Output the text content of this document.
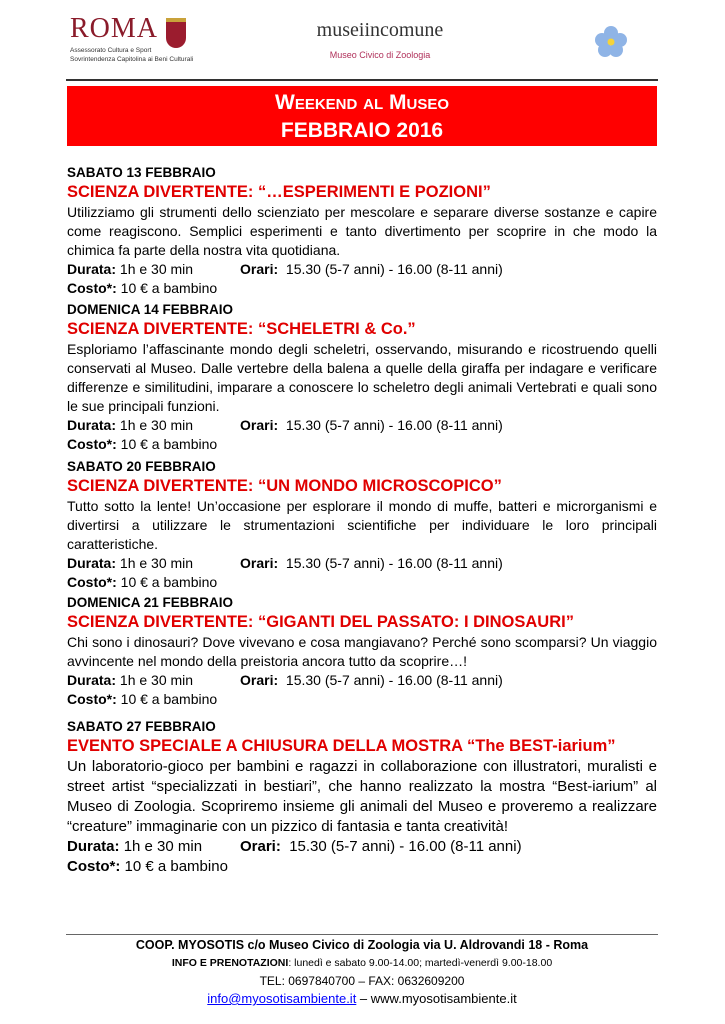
ROMA
Assessorato Cultura e Sport
Sovrintendenza Capitolina ai Beni Culturali
museiincomune
Museo Civico di Zoologia
Weekend al Museo
FEBBRAIO 2016
SABATO 13 FEBBRAIO
SCIENZA DIVERTENTE: “…ESPERIMENTI E POZIONI”
Utilizziamo gli strumenti dello scienziato per mescolare e separare diverse sostanze e capire come reagiscono. Semplici esperimenti e tanto divertimento per scoprire in che modo la chimica fa parte della nostra vita quotidiana.
Durata: 1h e 30 min	Orari: 15.30 (5-7 anni) - 16.00 (8-11 anni)
Costo*: 10 € a bambino
DOMENICA 14 FEBBRAIO
SCIENZA DIVERTENTE: “SCHELETRI & Co.”
Esploriamo l’affascinante mondo degli scheletri, osservando, misurando e ricostruendo quelli conservati al Museo. Dalle vertebre della balena a quelle della giraffa per indagare e verificare differenze e similitudini, imparare a conoscere lo scheletro degli animali Vertebrati e quali sono le sue principali funzioni.
Durata: 1h e 30 min	Orari: 15.30 (5-7 anni) - 16.00 (8-11 anni)
Costo*: 10 € a bambino
SABATO 20 FEBBRAIO
SCIENZA DIVERTENTE: “UN MONDO MICROSCOPICO”
Tutto sotto la lente! Un’occasione per esplorare il mondo di muffe, batteri e microrganismi e divertirsi a utilizzare le strumentazioni scientifiche per individuare le loro principali caratteristiche.
Durata: 1h e 30 min	Orari: 15.30 (5-7 anni) - 16.00 (8-11 anni)
Costo*: 10 € a bambino
DOMENICA 21 FEBBRAIO
SCIENZA DIVERTENTE: “GIGANTI DEL PASSATO: I DINOSAURI”
Chi sono i dinosauri? Dove vivevano e cosa mangiavano? Perché sono scomparsi? Un viaggio avvincente nel mondo della preistoria ancora tutto da scoprire…!
Durata: 1h e 30 min	Orari: 15.30 (5-7 anni) - 16.00 (8-11 anni)
Costo*: 10 € a bambino
SABATO 27 FEBBRAIO
EVENTO SPECIALE A CHIUSURA DELLA MOSTRA “The BEST-iarium”
Un laboratorio-gioco per bambini e ragazzi in collaborazione con illustratori, muralisti e street artist “specializzati in bestiari”, che hanno realizzato la mostra “Best-iarium” al Museo di Zoologia. Scopriremo insieme gli animali del Museo e proveremo a realizzare “creature” immaginarie con un pizzico di fantasia e tanta creatività!
Durata: 1h e 30 min	Orari: 15.30 (5-7 anni) - 16.00 (8-11 anni)
Costo*: 10 € a bambino
COOP. MYOSOTIS c/o Museo Civico di Zoologia via U. Aldrovandi 18 - Roma
INFO E PRENOTAZIONI: lunedì e sabato 9.00-14.00; martedì-venerdì 9.00-18.00
TEL: 0697840700 – FAX: 0632609200
info@myosotisambiente.it – www.myosotisambiente.it
